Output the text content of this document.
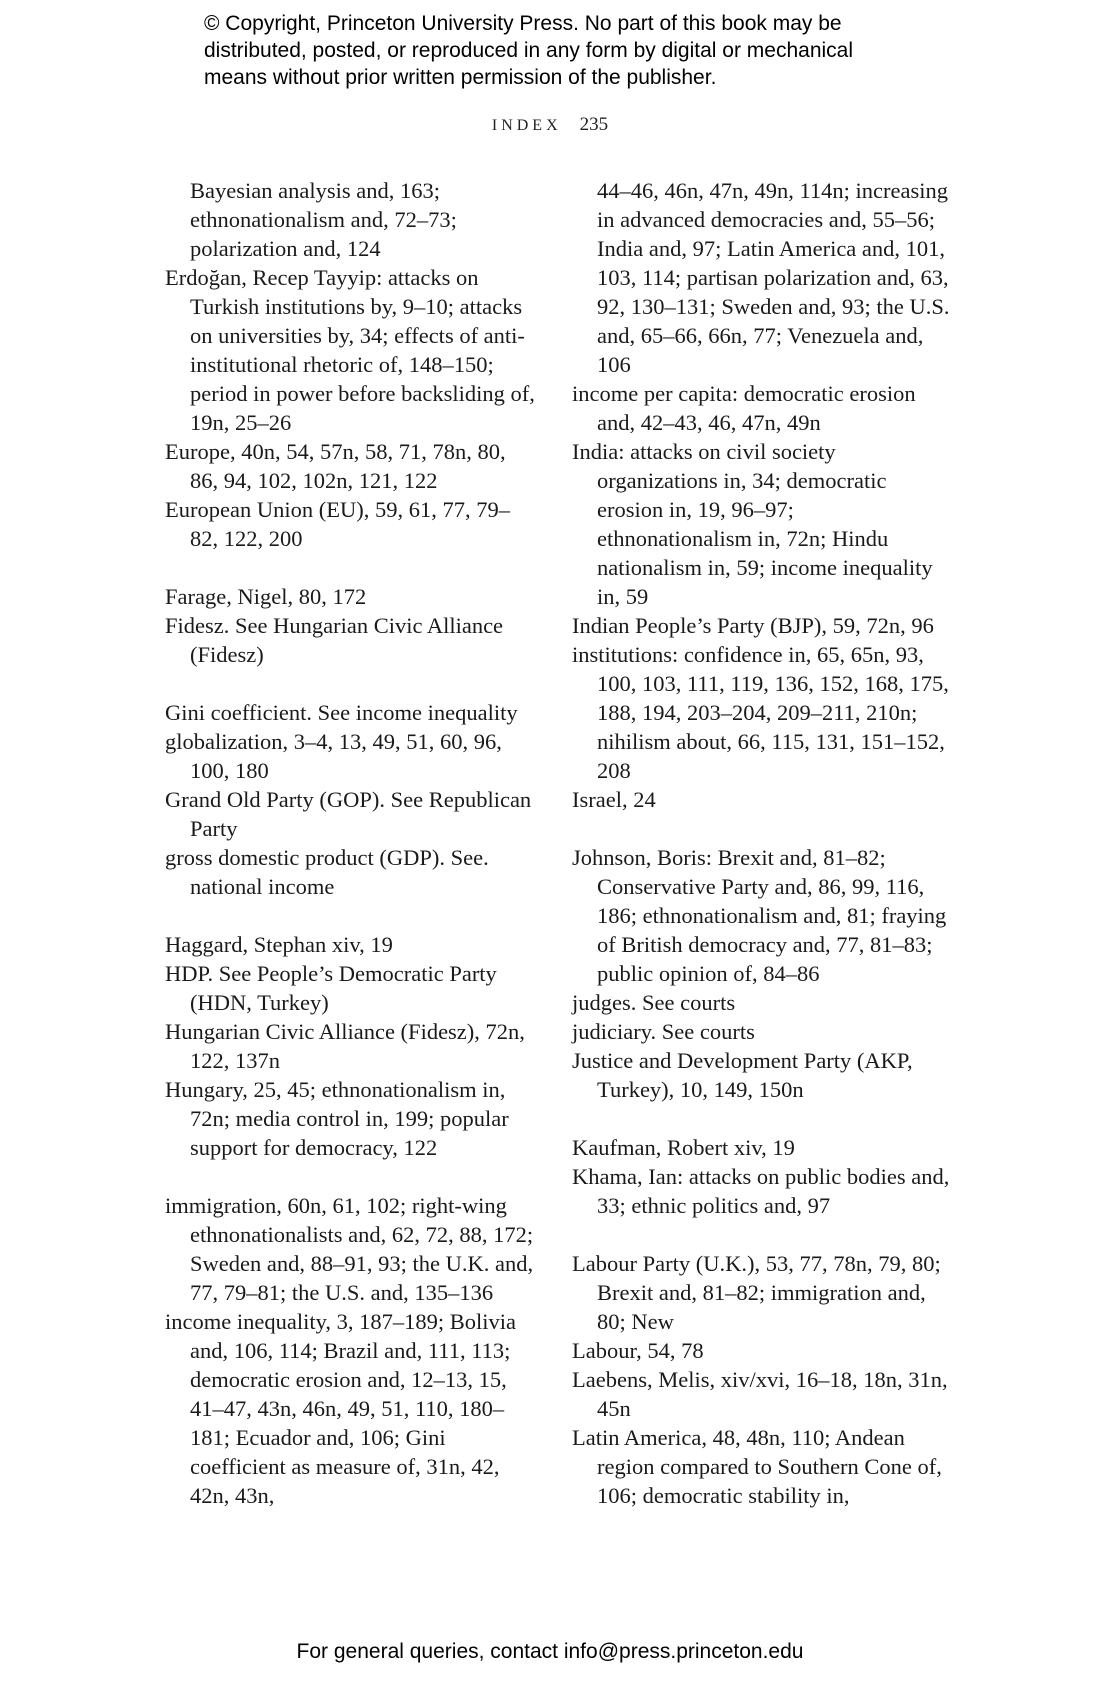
© Copyright, Princeton University Press. No part of this book may be
distributed, posted, or reproduced in any form by digital or mechanical
means without prior written permission of the publisher.
INDEX 235
Bayesian analysis and, 163; ethnonationalism and, 72–73; polarization and, 124
Erdoğan, Recep Tayyip: attacks on Turkish institutions by, 9–10; attacks on universities by, 34; effects of anti-institutional rhetoric of, 148–150; period in power before backsliding of, 19n, 25–26
Europe, 40n, 54, 57n, 58, 71, 78n, 80, 86, 94, 102, 102n, 121, 122
European Union (EU), 59, 61, 77, 79–82, 122, 200
Farage, Nigel, 80, 172
Fidesz. See Hungarian Civic Alliance (Fidesz)
Gini coefficient. See income inequality
globalization, 3–4, 13, 49, 51, 60, 96, 100, 180
Grand Old Party (GOP). See Republican Party
gross domestic product (GDP). See. national income
Haggard, Stephan xiv, 19
HDP. See People’s Democratic Party (HDN, Turkey)
Hungarian Civic Alliance (Fidesz), 72n, 122, 137n
Hungary, 25, 45; ethnonationalism in, 72n; media control in, 199; popular support for democracy, 122
immigration, 60n, 61, 102; right-wing ethnonationalists and, 62, 72, 88, 172; Sweden and, 88–91, 93; the U.K. and, 77, 79–81; the U.S. and, 135–136
income inequality, 3, 187–189; Bolivia and, 106, 114; Brazil and, 111, 113; democratic erosion and, 12–13, 15, 41–47, 43n, 46n, 49, 51, 110, 180–181; Ecuador and, 106; Gini coefficient as measure of, 31n, 42, 42n, 43n,
44–46, 46n, 47n, 49n, 114n; increasing in advanced democracies and, 55–56; India and, 97; Latin America and, 101, 103, 114; partisan polarization and, 63, 92, 130–131; Sweden and, 93; the U.S. and, 65–66, 66n, 77; Venezuela and, 106
income per capita: democratic erosion and, 42–43, 46, 47n, 49n
India: attacks on civil society organizations in, 34; democratic erosion in, 19, 96–97; ethnonationalism in, 72n; Hindu nationalism in, 59; income inequality in, 59
Indian People’s Party (BJP), 59, 72n, 96
institutions: confidence in, 65, 65n, 93, 100, 103, 111, 119, 136, 152, 168, 175, 188, 194, 203–204, 209–211, 210n; nihilism about, 66, 115, 131, 151–152, 208
Israel, 24
Johnson, Boris: Brexit and, 81–82; Conservative Party and, 86, 99, 116, 186; ethnonationalism and, 81; fraying of British democracy and, 77, 81–83; public opinion of, 84–86
judges. See courts
judiciary. See courts
Justice and Development Party (AKP, Turkey), 10, 149, 150n
Kaufman, Robert xiv, 19
Khama, Ian: attacks on public bodies and, 33; ethnic politics and, 97
Labour Party (U.K.), 53, 77, 78n, 79, 80; Brexit and, 81–82; immigration and, 80; New
Labour, 54, 78
Laebens, Melis, xiv/xvi, 16–18, 18n, 31n, 45n
Latin America, 48, 48n, 110; Andean region compared to Southern Cone of, 106; democratic stability in,
For general queries, contact info@press.princeton.edu
